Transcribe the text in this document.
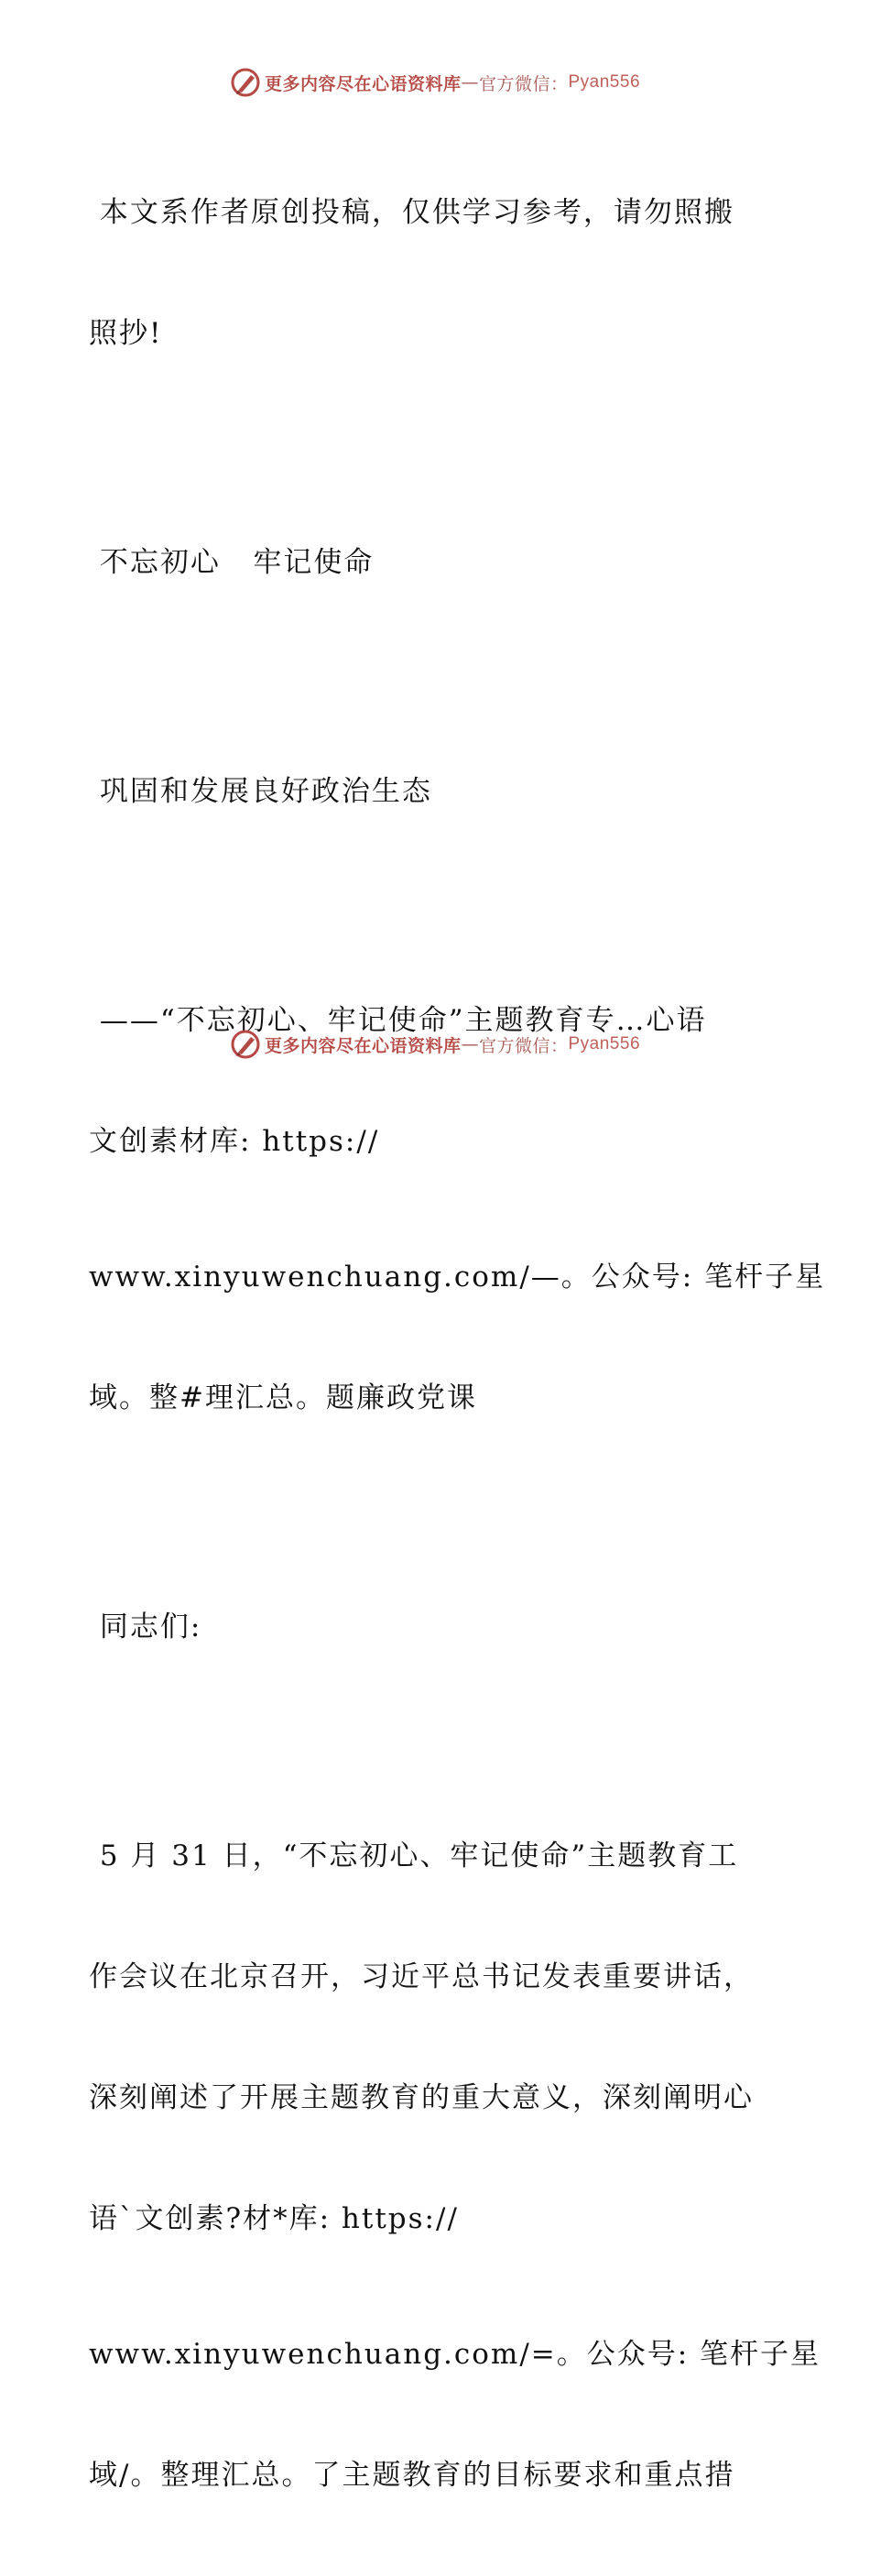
更多内容尽在心语资料库 — 官方微信： Pyan556

本文系作者原创投稿，仅供学习参考，请勿照搬

照抄!

不忘初心   牢记使命

巩固和发展良好政治生态

——“不忘初心、牢记使命”主题教育专…心语

文创素材库: https://

www.xinyuwenchuang.com/—。公众号: 笔杆子星

域。整#理汇总。题廉政党课

同志们:

5 月 31 日，“不忘初心、牢记使命”主题教育工

作会议在北京召开，习近平总书记发表重要讲话，

深刻阐述了开展主题教育的重大意义，深刻阐明心

语`文创素?材*库: https://

www.xinyuwenchuang.com/=。公众号: 笔杆子星

域/。整理汇总。了主题教育的目标要求和重点措

更多内容尽在心语资料库 — 官方微信： Pyan556
